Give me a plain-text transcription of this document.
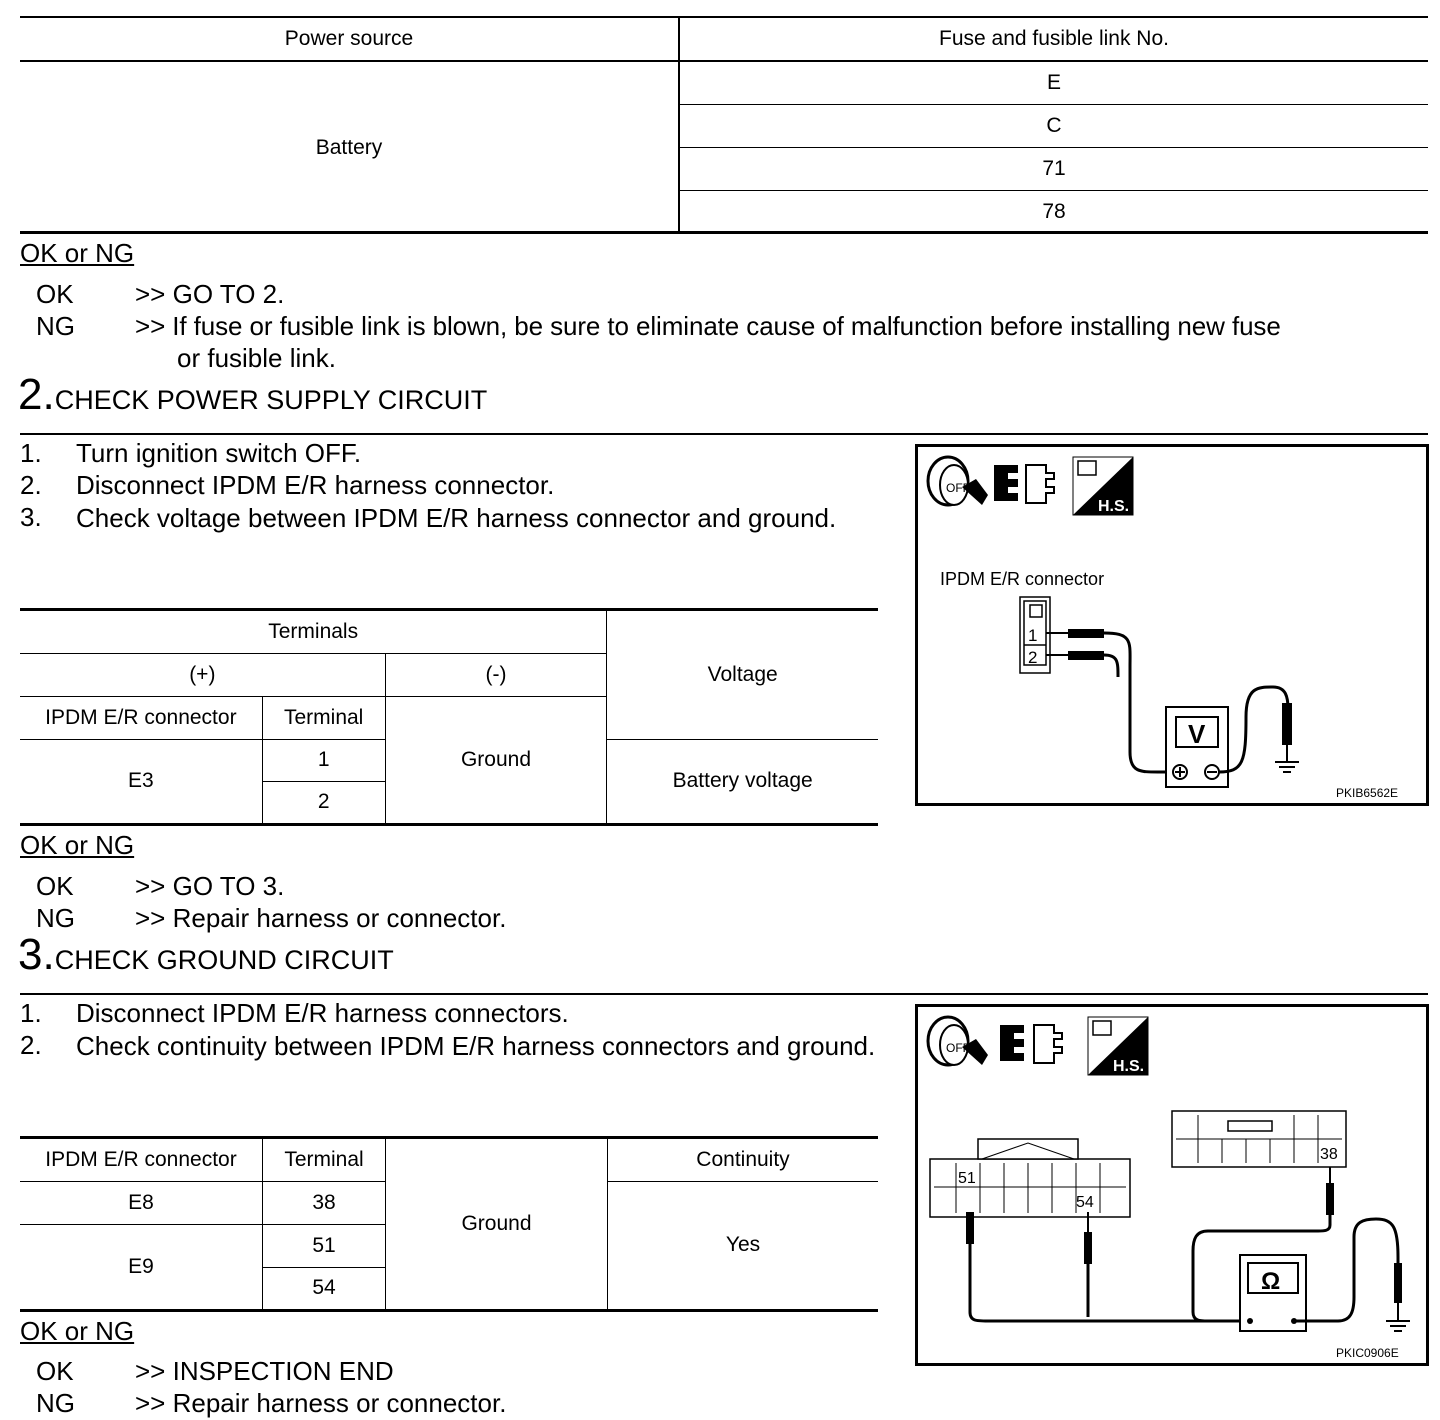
Power source	Fuse and fusible link No.
Battery	E
	C
	71
	78
OK or NG
OK >> GO TO 2.
NG >> If fuse or fusible link is blown, be sure to eliminate cause of malfunction before installing new fuse
or fusible link.
2.CHECK POWER SUPPLY CIRCUIT
1. Turn ignition switch OFF.
2. Disconnect IPDM E/R harness connector.
3. Check voltage between IPDM E/R harness connector and ground.
Terminals			Voltage
(+)		(-)	
IPDM E/R connector	Terminal	Ground	
E3	1		Battery voltage
	2		
OFF
H.S.
IPDM E/R connector
1
2
V
PKIB6562E
OK or NG
OK >> GO TO 3.
NG >> Repair harness or connector.
3.CHECK GROUND CIRCUIT
1. Disconnect IPDM E/R harness connectors.
2. Check continuity between IPDM E/R harness connectors and ground.
IPDM E/R connector	Terminal	Ground	Continuity
E8	38		Yes
E9	51		
	54		
OFF
H.S.
51
54
38
Ω
PKIC0906E
OK or NG
OK >> INSPECTION END
NG >> Repair harness or connector.
